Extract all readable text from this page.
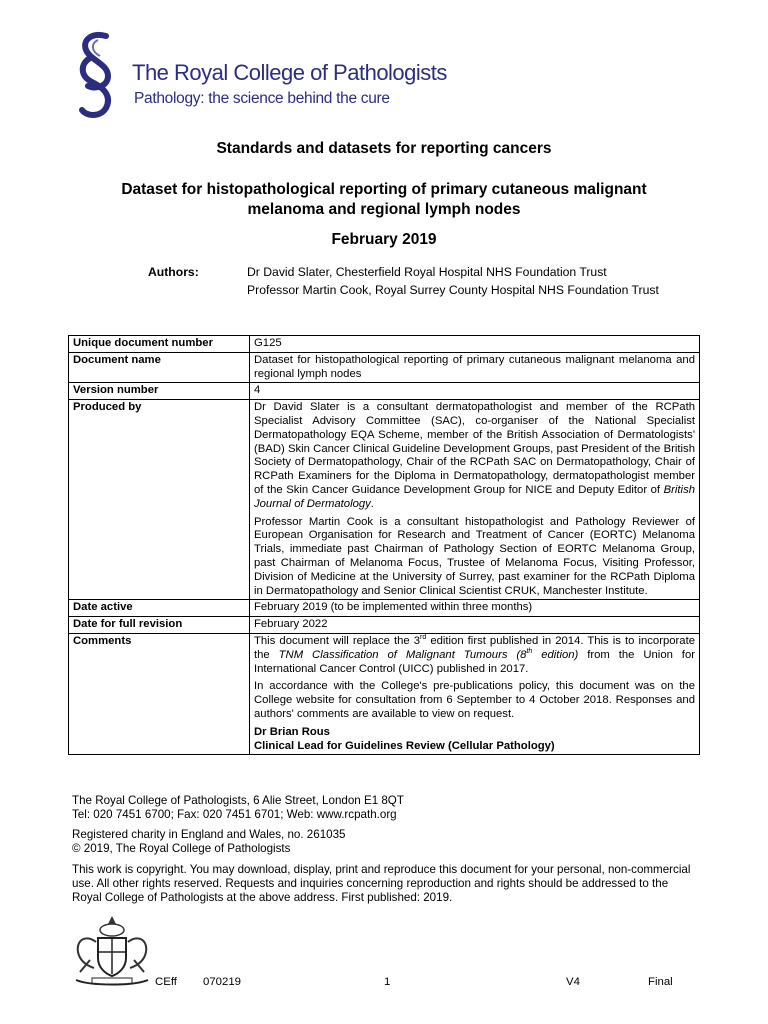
The Royal College of Pathologists
Pathology: the science behind the cure
Standards and datasets for reporting cancers
Dataset for histopathological reporting of primary cutaneous malignant
melanoma and regional lymph nodes
February 2019
Authors:	Dr David Slater, Chesterfield Royal Hospital NHS Foundation Trust
Professor Martin Cook, Royal Surrey County Hospital NHS Foundation Trust
Unique document number	G125
Document name	Dataset for histopathological reporting of primary cutaneous malignant melanoma and regional lymph nodes
Version number	4
Produced by	Dr David Slater is a consultant dermatopathologist and member of the RCPath Specialist Advisory Committee (SAC), co-organiser of the National Specialist Dermatopathology EQA Scheme, member of the British Association of Dermatologists' (BAD) Skin Cancer Clinical Guideline Development Groups, past President of the British Society of Dermatopathology, Chair of the RCPath SAC on Dermatopathology, Chair of RCPath Examiners for the Diploma in Dermatopathology, dermatopathologist member of the Skin Cancer Guidance Development Group for NICE and Deputy Editor of British Journal of Dermatology.

Professor Martin Cook is a consultant histopathologist and Pathology Reviewer of European Organisation for Research and Treatment of Cancer (EORTC) Melanoma Trials, immediate past Chairman of Pathology Section of EORTC Melanoma Group, past Chairman of Melanoma Focus, Trustee of Melanoma Focus, Visiting Professor, Division of Medicine at the University of Surrey, past examiner for the RCPath Diploma in Dermatopathology and Senior Clinical Scientist CRUK, Manchester Institute.

Date active	February 2019 (to be implemented within three months)
Date for full revision	February 2022
Comments	This document will replace the 3rd edition first published in 2014. This is to incorporate the TNM Classification of Malignant Tumours (8th edition) from the Union for International Cancer Control (UICC) published in 2017.

In accordance with the College's pre-publications policy, this document was on the College website for consultation from 6 September to 4 October 2018. Responses and authors' comments are available to view on request.

Dr Brian Rous
Clinical Lead for Guidelines Review (Cellular Pathology)

The Royal College of Pathologists, 6 Alie Street, London E1 8QT
Tel: 020 7451 6700; Fax: 020 7451 6701; Web: www.rcpath.org
Registered charity in England and Wales, no. 261035
© 2019, The Royal College of Pathologists
This work is copyright. You may download, display, print and reproduce this document for your personal, non-commercial use. All other rights reserved. Requests and inquiries concerning reproduction and rights should be addressed to the Royal College of Pathologists at the above address. First published: 2019.
CEff 070219	1	V4	Final
